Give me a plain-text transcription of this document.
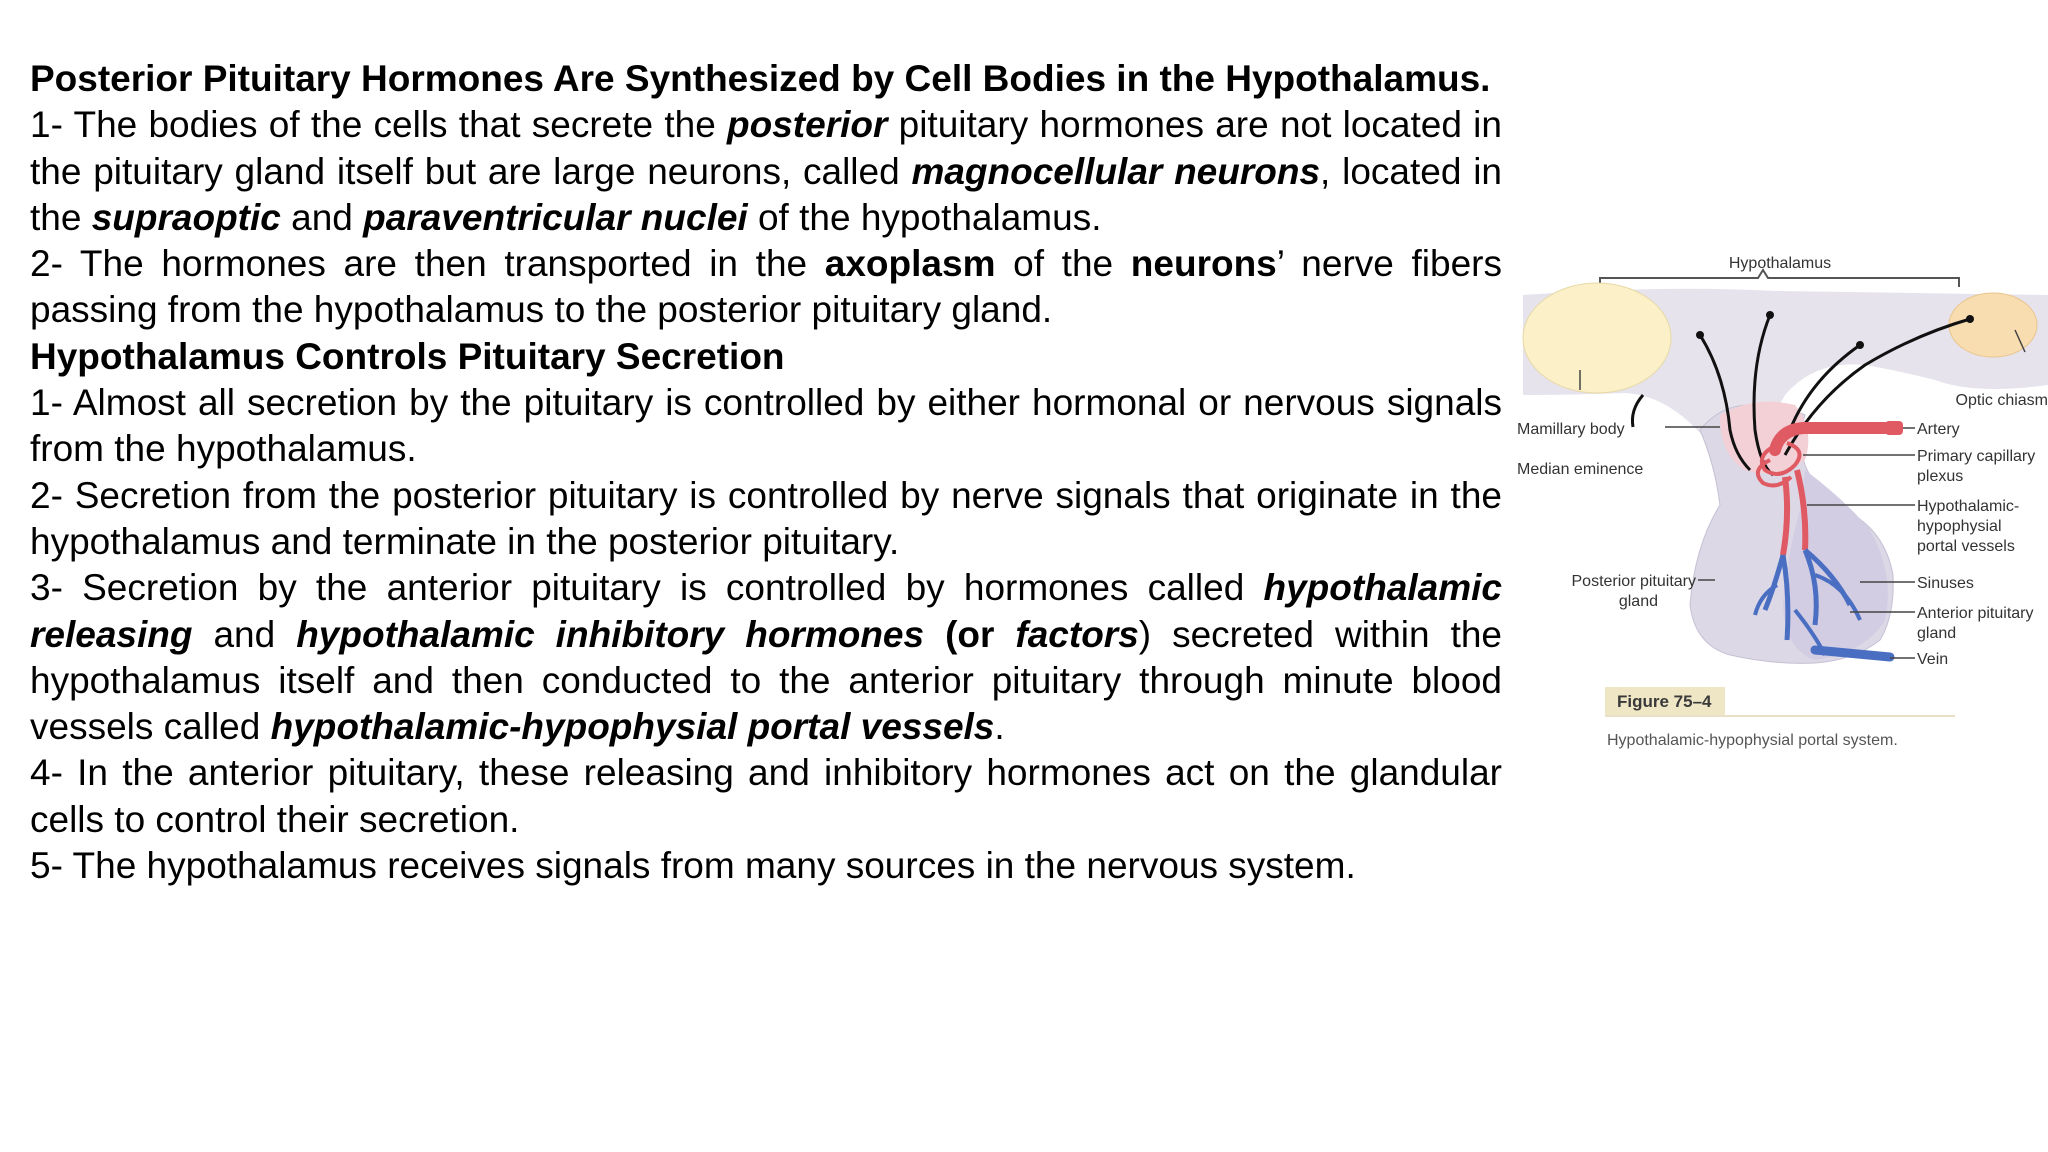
Posterior Pituitary Hormones Are Synthesized by Cell Bodies in the Hypothalamus.

1- The bodies of the cells that secrete the posterior pituitary hormones are not located in the pituitary gland itself but are large neurons, called magnocellular neurons, located in the supraoptic and paraventricular nuclei of the hypothalamus.

2- The hormones are then transported in the axoplasm of the neurons’ nerve fibers passing from the hypothalamus to the posterior pituitary gland.

Hypothalamus Controls Pituitary Secretion

1- Almost all secretion by the pituitary is controlled by either hormonal or nervous signals from the hypothalamus.

2- Secretion from the posterior pituitary is controlled by nerve signals that originate in the hypothalamus and terminate in the posterior pituitary.

3- Secretion by the anterior pituitary is controlled by hormones called hypothalamic releasing and hypothalamic inhibitory hormones (or factors) secreted within the hypothalamus itself and then conducted to the anterior pituitary through minute blood vessels called hypothalamic-hypophysial portal vessels.

4- In the anterior pituitary, these releasing and inhibitory hormones act on the glandular cells to control their secretion.

5- The hypothalamus receives signals from many sources in the nervous system.

Hypothalamus
Optic chiasm
Mamillary body
Median eminence
Artery
Primary capillary
plexus
Hypothalamic-
hypophysial
portal vessels
Sinuses
Anterior pituitary
gland
Vein
Posterior pituitary
gland
Figure 75–4
Hypothalamic-hypophysial portal system.
